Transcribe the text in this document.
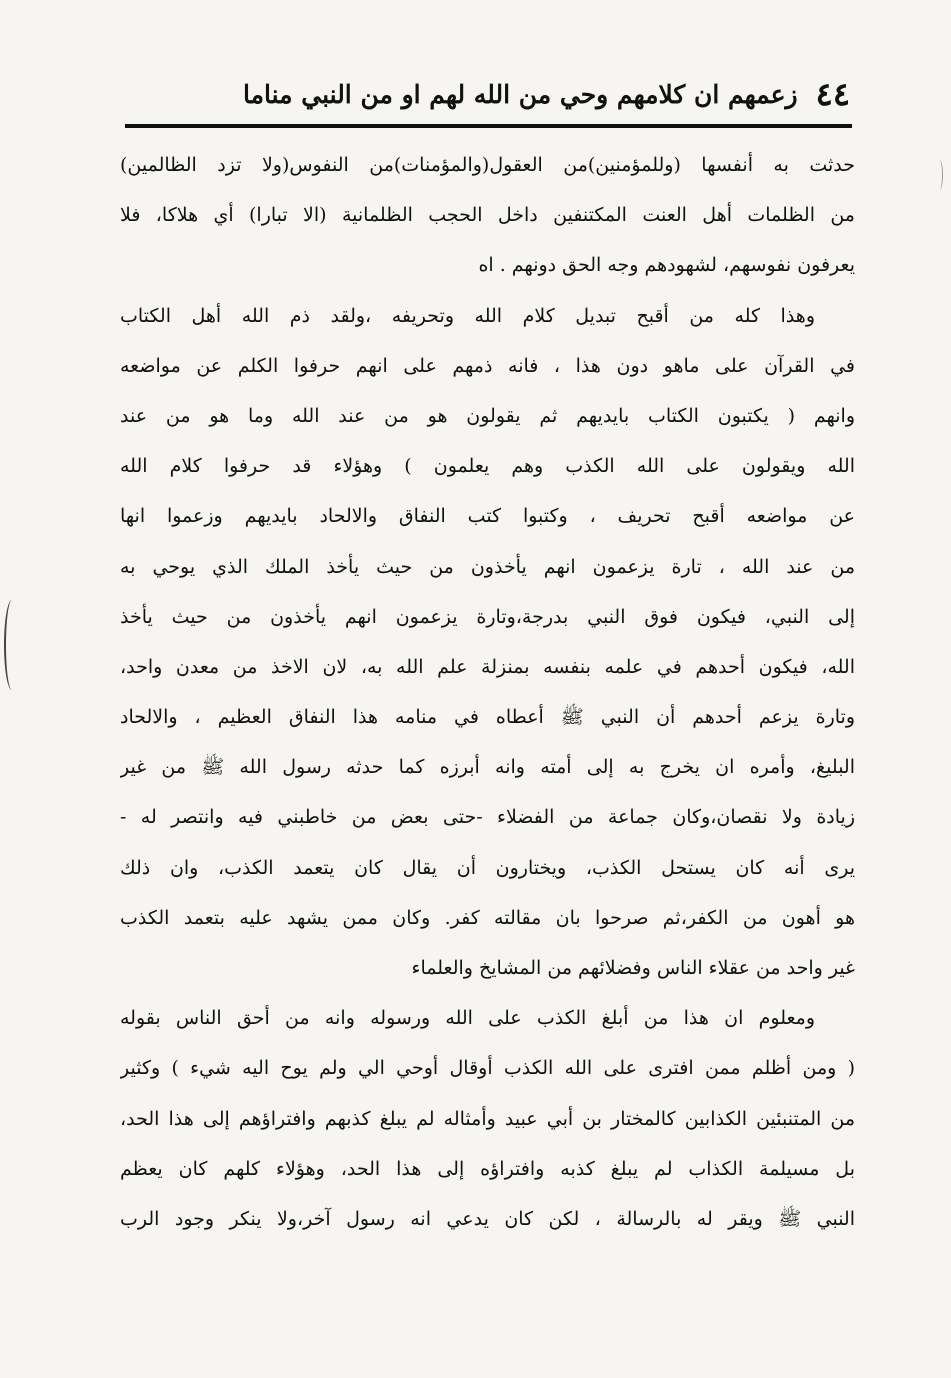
٤٤
زعمهم ان كلامهم وحي من الله لهم او من النبي مناما
حدثت به أنفسها (وللمؤمنين)من العقول(والمؤمنات)من النفوس(ولا تزد الظالمين)
من الظلمات أهل العنت المكتنفين داخل الحجب الظلمانية (الا تبارا) أي هلاكا، فلا
يعرفون نفوسهم، لشهودهم وجه الحق دونهم . اه
وهذا كله من أقبح تبديل كلام الله وتحريفه ،ولقد ذم الله أهل الكتاب
في القرآن على ماهو دون هذا ، فانه ذمهم على انهم حرفوا الكلم عن مواضعه
وانهم ( يكتبون الكتاب بايديهم ثم يقولون هو من عند الله وما هو من عند
الله ويقولون على الله الكذب وهم يعلمون ) وهؤلاء قد حرفوا كلام الله
عن مواضعه أقبح تحريف ، وكتبوا كتب النفاق والالحاد بايديهم وزعموا انها
من عند الله ، تارة يزعمون انهم يأخذون من حيث يأخذ الملك الذي يوحي به
إلى النبي، فيكون فوق النبي بدرجة،وتارة يزعمون انهم يأخذون من حيث يأخذ
الله، فيكون أحدهم في علمه بنفسه بمنزلة علم الله به، لان الاخذ من معدن واحد،
وتارة يزعم أحدهم أن النبي ﷺ أعطاه في منامه هذا النفاق العظيم ، والالحاد
البليغ، وأمره ان يخرج به إلى أمته وانه أبرزه كما حدثه رسول الله ﷺ من غير
زيادة ولا نقصان،وكان جماعة من الفضلاء -حتى بعض من خاطبني فيه وانتصر له -
يرى أنه كان يستحل الكذب، ويختارون أن يقال كان يتعمد الكذب، وان ذلك
هو أهون من الكفر،ثم صرحوا بان مقالته كفر. وكان ممن يشهد عليه بتعمد الكذب
غير واحد من عقلاء الناس وفضلائهم من المشايخ والعلماء
ومعلوم ان هذا من أبلغ الكذب على الله ورسوله وانه من أحق الناس بقوله
( ومن أظلم ممن افترى على الله الكذب أوقال أوحي الي ولم يوح اليه شيء ) وكثير
من المتنبئين الكذابين كالمختار بن أبي عبيد وأمثاله لم يبلغ كذبهم وافتراؤهم إلى هذا الحد،
بل مسيلمة الكذاب لم يبلغ كذبه وافتراؤه إلى هذا الحد، وهؤلاء كلهم كان يعظم
النبي ﷺ ويقر له بالرسالة ، لكن كان يدعي انه رسول آخر،ولا ينكر وجود الرب
